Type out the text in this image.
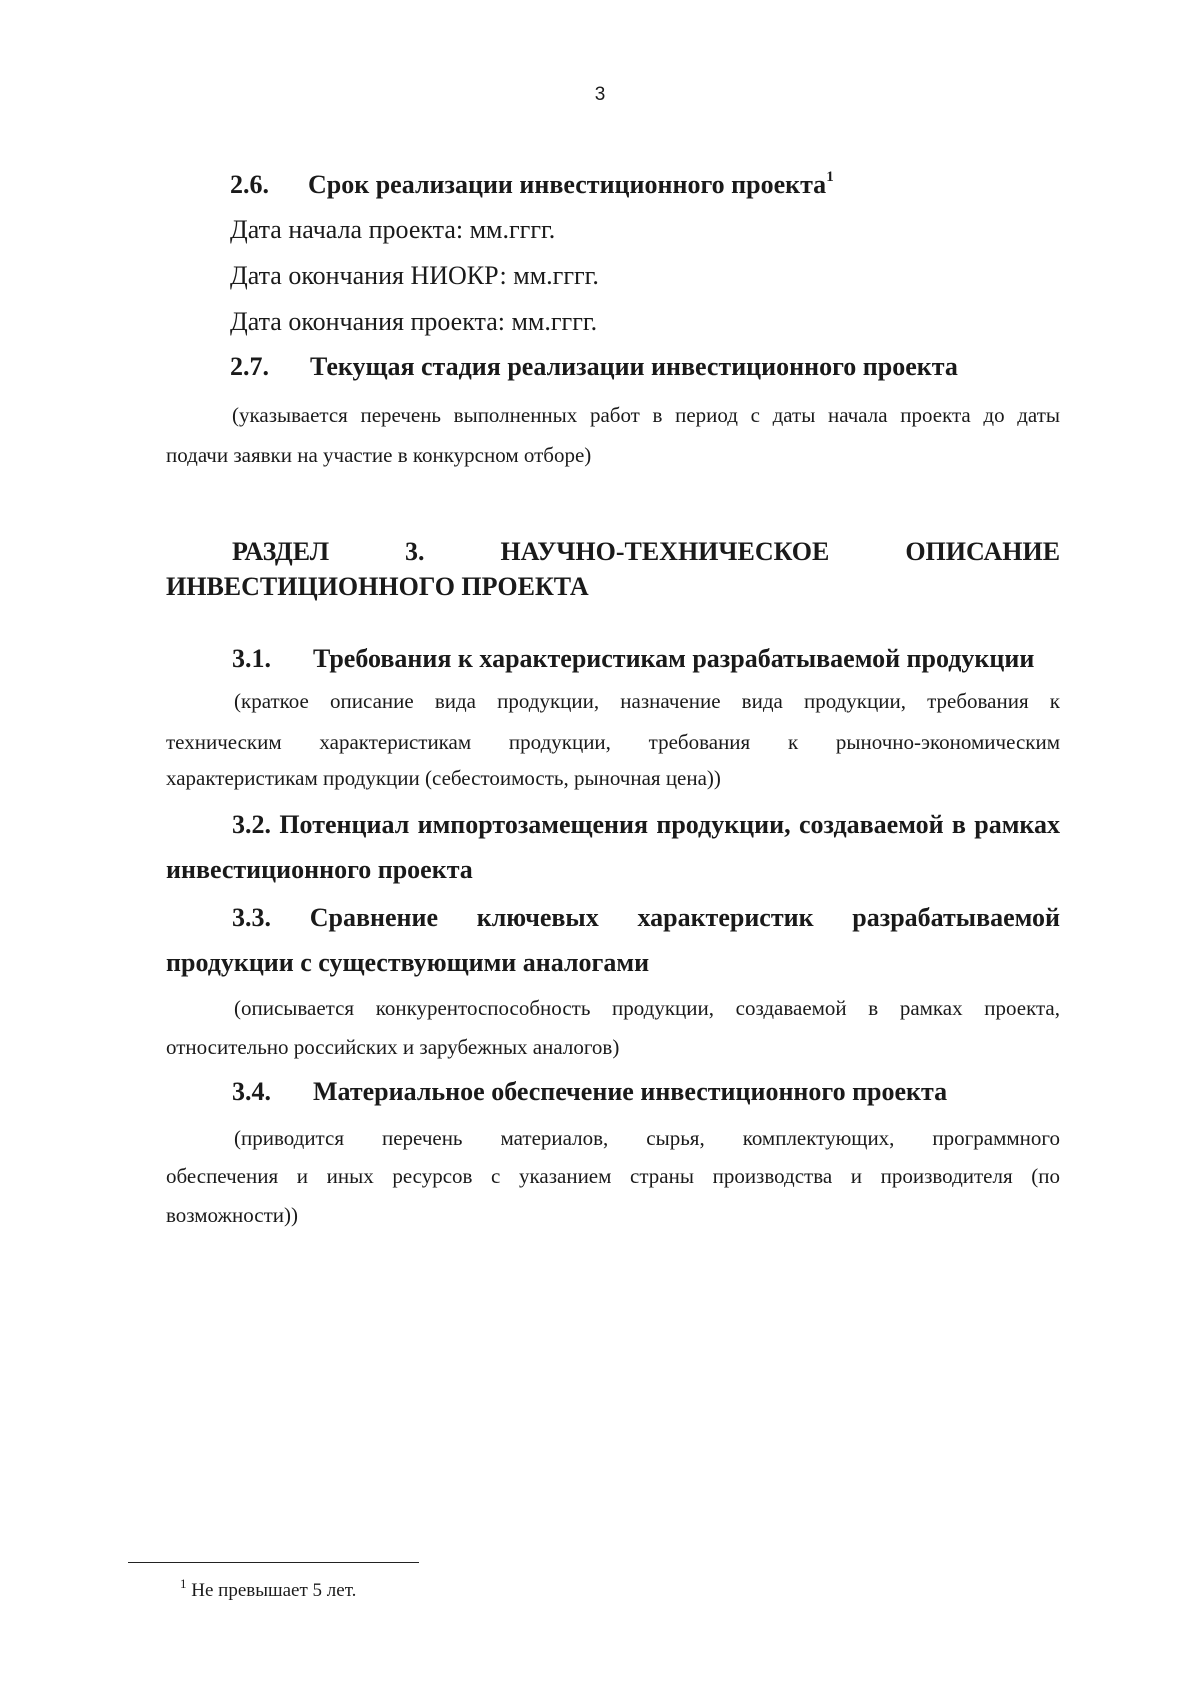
3
2.6. Срок реализации инвестиционного проекта$^1$
Дата начала проекта: мм.гггг.
Дата окончания НИОКР: мм.гггг.
Дата окончания проекта: мм.гггг.
2.7. Текущая стадия реализации инвестиционного проекта
(указывается перечень выполненных работ в период с даты начала проекта до даты
подачи заявки на участие в конкурсном отборе)
РАЗДЕЛ	3.	НАУЧНО-ТЕХНИЧЕСКОЕ	ОПИСАНИЕ
ИНВЕСТИЦИОННОГО ПРОЕКТА
3.1. Требования к характеристикам разрабатываемой продукции
(краткое описание вида продукции, назначение вида продукции, требования к
техническим характеристикам продукции, требования к рыночно-экономическим
характеристикам продукции (себестоимость, рыночная цена))
3.2. Потенциал импортозамещения продукции, создаваемой в рамках
инвестиционного проекта
3.3. Сравнение ключевых характеристик разрабатываемой
продукции с существующими аналогами
(описывается конкурентоспособность продукции, создаваемой в рамках проекта,
относительно российских и зарубежных аналогов)
3.4. Материальное обеспечение инвестиционного проекта
(приводится перечень материалов, сырья, комплектующих, программного
обеспечения и иных ресурсов с указанием страны производства и производителя (по
возможности))
$^1$ Не превышает 5 лет.
